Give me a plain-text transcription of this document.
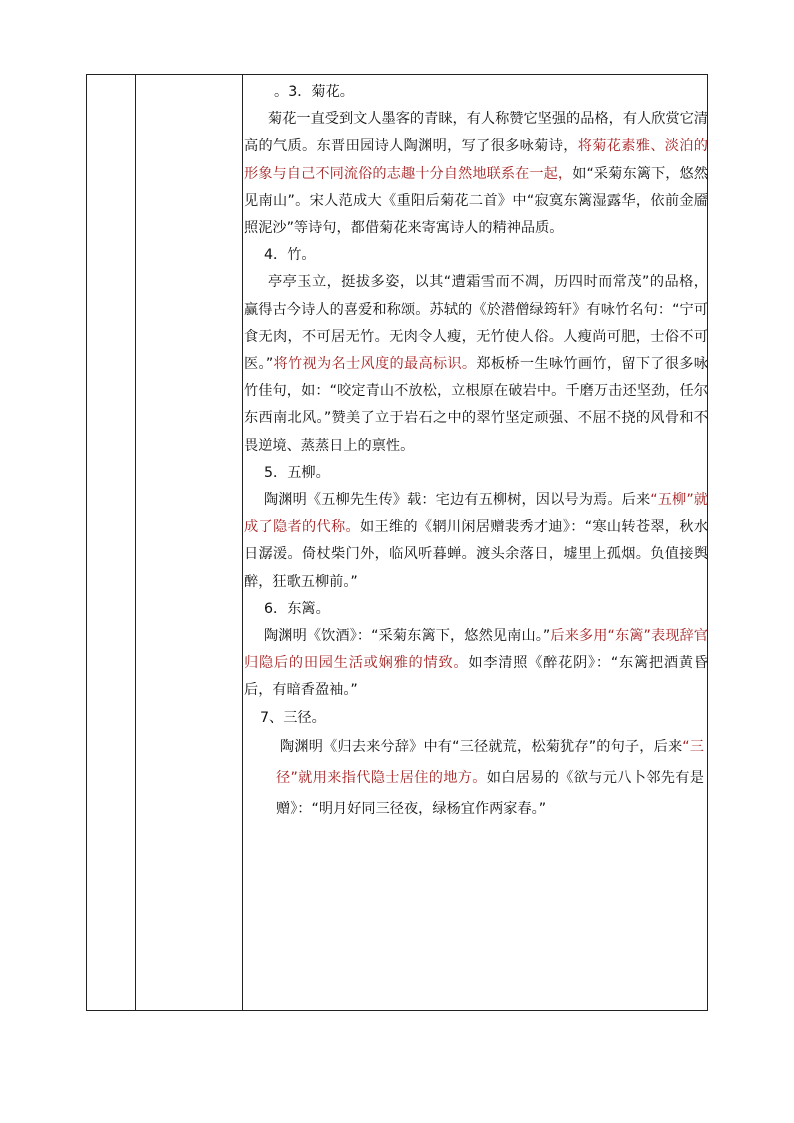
。3．菊花。

菊花一直受到文人墨客的青睐，有人称赞它坚强的品格，有人欣赏它清高的气质。东晋田园诗人陶渊明，写了很多咏菊诗，将菊花素雅、淡泊的形象与自己不同流俗的志趣十分自然地联系在一起，如“采菊东篱下，悠然见南山”。宋人范成大《重阳后菊花二首》中“寂寞东篱湿露华，依前金靥照泥沙”等诗句，都借菊花来寄寓诗人的精神品质。

4．竹。

亭亭玉立，挺拔多姿，以其“遭霜雪而不凋，历四时而常茂”的品格，赢得古今诗人的喜爱和称颂。苏轼的《於潜僧绿筠轩》有咏竹名句：“宁可食无肉，不可居无竹。无肉令人瘦，无竹使人俗。人瘦尚可肥，士俗不可医。”将竹视为名士风度的最高标识。郑板桥一生咏竹画竹，留下了很多咏竹佳句，如：“咬定青山不放松，立根原在破岩中。千磨万击还坚劲，任尔东西南北风。”赞美了立于岩石之中的翠竹坚定顽强、不屈不挠的风骨和不畏逆境、蒸蒸日上的禀性。

5．五柳。

陶渊明《五柳先生传》载：宅边有五柳树，因以号为焉。后来“五柳”就成了隐者的代称。如王维的《辋川闲居赠裴秀才迪》：“寒山转苍翠，秋水日潺湲。倚杖柴门外，临风听暮蝉。渡头余落日，墟里上孤烟。负值接舆醉，狂歌五柳前。”

6．东篱。

陶渊明《饮酒》：“采菊东篱下，悠然见南山。”后来多用“东篱”表现辞官归隐后的田园生活或娴雅的情致。如李清照《醉花阴》：“东篱把酒黄昏后，有暗香盈袖。”

7、三径。

陶渊明《归去来兮辞》中有“三径就荒，松菊犹存”的句子，后来“三径”就用来指代隐士居住的地方。如白居易的《欲与元八卜邻先有是赠》：“明月好同三径夜，绿杨宜作两家春。”
